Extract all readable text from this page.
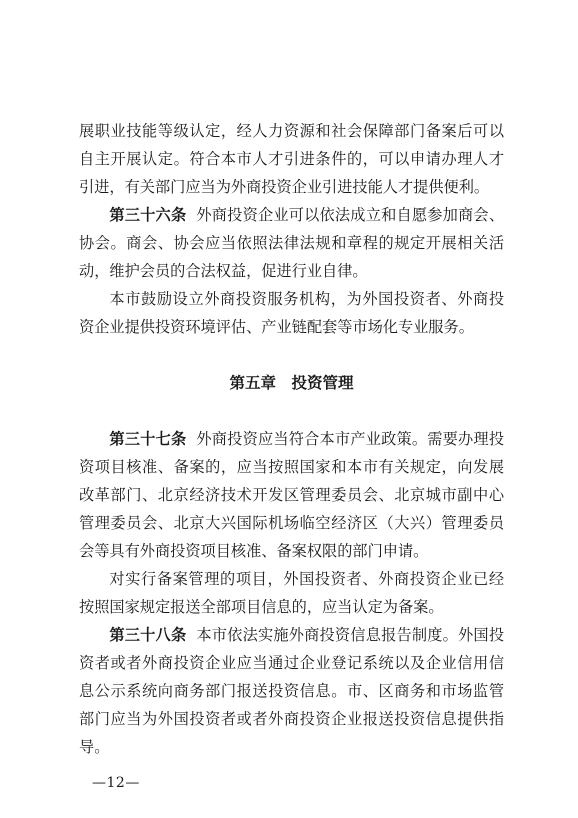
展职业技能等级认定，经人力资源和社会保障部门备案后可以自主开展认定。符合本市人才引进条件的，可以申请办理人才引进，有关部门应当为外商投资企业引进技能人才提供便利。

第三十六条 外商投资企业可以依法成立和自愿参加商会、协会。商会、协会应当依照法律法规和章程的规定开展相关活动，维护会员的合法权益，促进行业自律。

本市鼓励设立外商投资服务机构，为外国投资者、外商投资企业提供投资环境评估、产业链配套等市场化专业服务。

第五章 投资管理

第三十七条 外商投资应当符合本市产业政策。需要办理投资项目核准、备案的，应当按照国家和本市有关规定，向发展改革部门、北京经济技术开发区管理委员会、北京城市副中心管理委员会、北京大兴国际机场临空经济区（大兴）管理委员会等具有外商投资项目核准、备案权限的部门申请。

对实行备案管理的项目，外国投资者、外商投资企业已经按照国家规定报送全部项目信息的，应当认定为备案。

第三十八条 本市依法实施外商投资信息报告制度。外国投资者或者外商投资企业应当通过企业登记系统以及企业信用信息公示系统向商务部门报送投资信息。市、区商务和市场监管部门应当为外国投资者或者外商投资企业报送投资信息提供指导。

—12—
